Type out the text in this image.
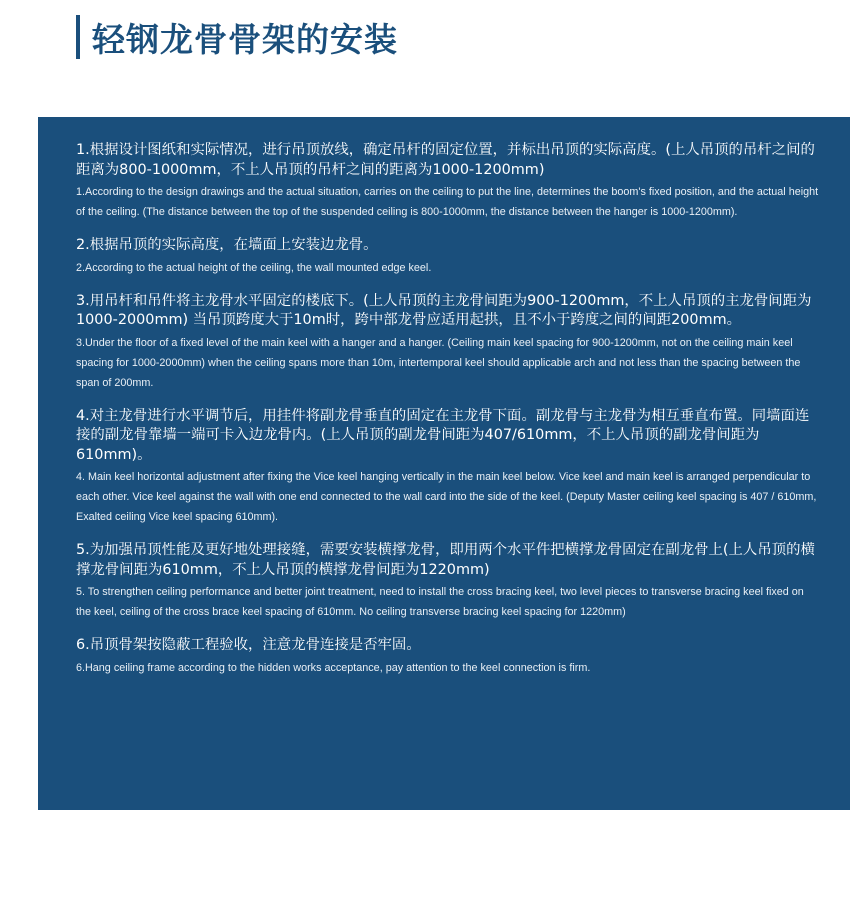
轻钢龙骨骨架的安装

1.根据设计图纸和实际情况，进行吊顶放线，确定吊杆的固定位置，并标出吊顶的实际高度。(上人吊顶的吊杆之间的距离为800-1000mm，不上人吊顶的吊杆之间的距离为1000-1200mm)

1.According to the design drawings and the actual situation, carries on the ceiling to put the line, determines the boom's fixed position, and the actual height of the ceiling. (The distance between the top of the suspended ceiling is 800-1000mm, the distance between the hanger is 1000-1200mm).

2.根据吊顶的实际高度，在墙面上安装边龙骨。

2.According to the actual height of the ceiling, the wall mounted edge keel.

3.用吊杆和吊件将主龙骨水平固定的楼底下。(上人吊顶的主龙骨间距为900-1200mm，不上人吊顶的主龙骨间距为1000-2000mm) 当吊顶跨度大于10m时，跨中部龙骨应适用起拱，且不小于跨度之间的间距200mm。

3.Under the floor of a fixed level of the main keel with a hanger and a hanger. (Ceiling main keel spacing for 900-1200mm, not on the ceiling main keel spacing for 1000-2000mm) when the ceiling spans more than 10m, intertemporal keel should applicable arch and not less than the spacing between the span of 200mm.

4.对主龙骨进行水平调节后，用挂件将副龙骨垂直的固定在主龙骨下面。副龙骨与主龙骨为相互垂直布置。同墙面连接的副龙骨靠墙一端可卡入边龙骨内。(上人吊顶的副龙骨间距为407/610mm，不上人吊顶的副龙骨间距为610mm)。

4. Main keel horizontal adjustment after fixing the Vice keel hanging vertically in the main keel below. Vice keel and main keel is arranged perpendicular to each other. Vice keel against the wall with one end connected to the wall card into the side of the keel. (Deputy Master ceiling keel spacing is 407 / 610mm, Exalted ceiling Vice keel spacing 610mm).

5.为加强吊顶性能及更好地处理接缝，需要安装横撑龙骨，即用两个水平件把横撑龙骨固定在副龙骨上(上人吊顶的横撑龙骨间距为610mm，不上人吊顶的横撑龙骨间距为1220mm)

5. To strengthen ceiling performance and better joint treatment, need to install the cross bracing keel, two level pieces to transverse bracing keel fixed on the keel, ceiling of the cross brace keel spacing of 610mm. No ceiling transverse bracing keel spacing for 1220mm)

6.吊顶骨架按隐蔽工程验收，注意龙骨连接是否牢固。

6.Hang ceiling frame according to the hidden works acceptance, pay attention to the keel connection is firm.
